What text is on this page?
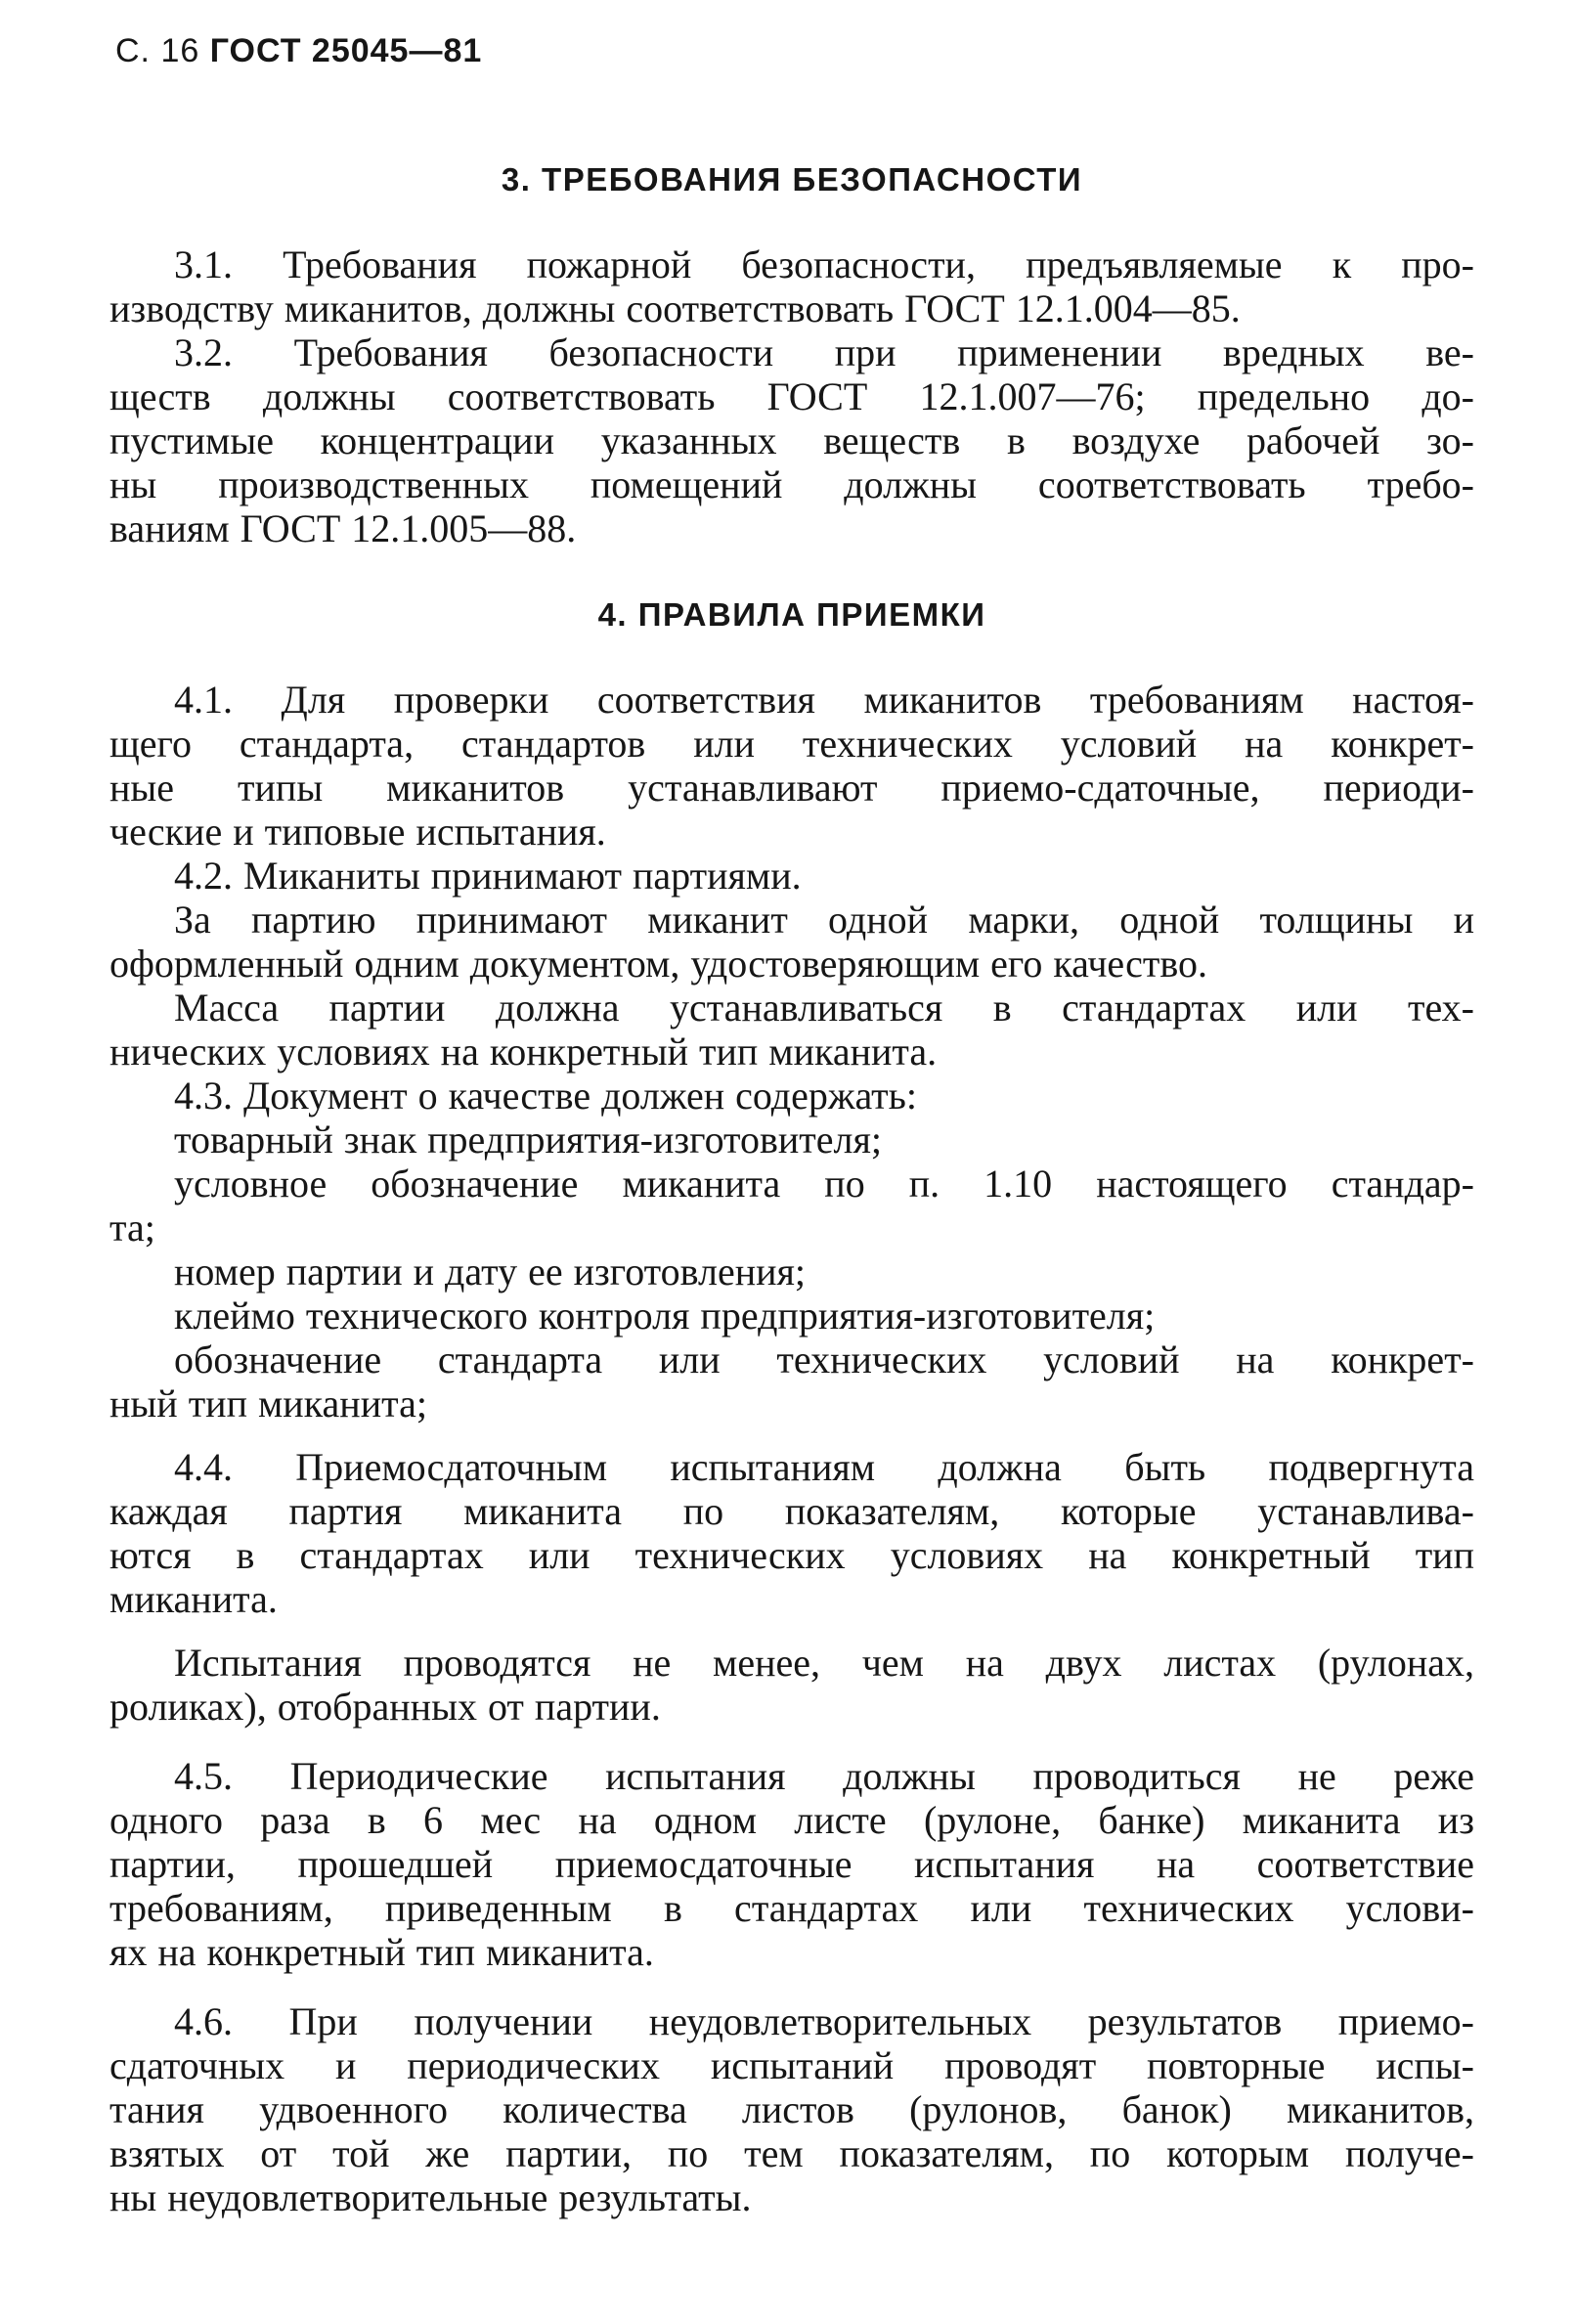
С. 16 ГОСТ 25045—81
3. ТРЕБОВАНИЯ БЕЗОПАСНОСТИ
3.1. Требования пожарной безопасности, предъявляемые к про-
изводству миканитов, должны соответствовать ГОСТ 12.1.004—85.
3.2. Требования безопасности при применении вредных ве-
ществ должны соответствовать ГОСТ 12.1.007—76; предельно до-
пустимые концентрации указанных веществ в воздухе рабочей зо-
ны производственных помещений должны соответствовать требо-
ваниям ГОСТ 12.1.005—88.
4. ПРАВИЛА ПРИЕМКИ
4.1. Для проверки соответствия миканитов требованиям настоя-
щего стандарта, стандартов или технических условий на конкрет-
ные типы миканитов устанавливают приемо-сдаточные, периоди-
ческие и типовые испытания.
4.2. Миканиты принимают партиями.
За партию принимают миканит одной марки, одной толщины и
оформленный одним документом, удостоверяющим его качество.
Масса партии должна устанавливаться в стандартах или тех-
нических условиях на конкретный тип миканита.
4.3. Документ о качестве должен содержать:
товарный знак предприятия-изготовителя;
условное обозначение миканита по п. 1.10 настоящего стандар-
та;
номер партии и дату ее изготовления;
клеймо технического контроля предприятия-изготовителя;
обозначение стандарта или технических условий на конкрет-
ный тип миканита;
4.4. Приемосдаточным испытаниям должна быть подвергнута
каждая партия миканита по показателям, которые устанавлива-
ются в стандартах или технических условиях на конкретный тип
миканита.
Испытания проводятся не менее, чем на двух листах (рулонах,
роликах), отобранных от партии.
4.5. Периодические испытания должны проводиться не реже
одного раза в 6 мес на одном листе (рулоне, банке) миканита из
партии, прошедшей приемосдаточные испытания на соответствие
требованиям, приведенным в стандартах или технических услови-
ях на конкретный тип миканита.
4.6. При получении неудовлетворительных результатов приемо-
сдаточных и периодических испытаний проводят повторные испы-
тания удвоенного количества листов (рулонов, банок) миканитов,
взятых от той же партии, по тем показателям, по которым получе-
ны неудовлетворительные результаты.
